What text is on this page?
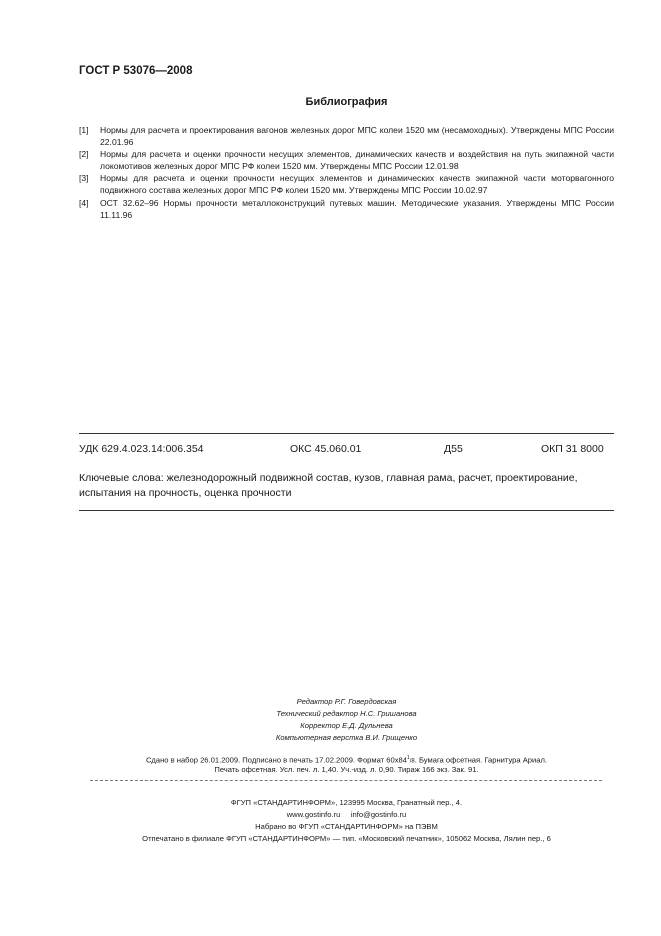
ГОСТ Р 53076—2008
Библиография
[1] Нормы для расчета и проектирования вагонов железных дорог МПС колеи 1520 мм (несамоходных). Утверждены МПС России 22.01.96
[2] Нормы для расчета и оценки прочности несущих элементов, динамических качеств и воздействия на путь экипажной части локомотивов железных дорог МПС РФ колеи 1520 мм. Утверждены МПС России 12.01.98
[3] Нормы для расчета и оценки прочности несущих элементов и динамических качеств экипажной части моторвагонного подвижного состава железных дорог МПС РФ колеи 1520 мм. Утверждены МПС России 10.02.97
[4] ОСТ 32.62–96 Нормы прочности металлоконструкций путевых машин. Методические указания. Утверждены МПС России 11.11.96
УДК 629.4.023.14:006.354	ОКС 45.060.01	Д55	ОКП 31 8000
Ключевые слова: железнодорожный подвижной состав, кузов, главная рама, расчет, проектирование, испытания на прочность, оценка прочности
Редактор Р.Г. Говердовская
Технический редактор Н.С. Гришанова
Корректор Е.Д. Дульнева
Компьютерная верстка В.И. Грищенко
Сдано в набор 26.01.2009. Подписано в печать 17.02.2009. Формат $60х84^1/8$. Бумага офсетная. Гарнитура Ариал.
Печать офсетная. Усл. печ. л. 1,40. Уч.-изд. л. 0,90. Тираж 166 экз. Зак. 91.
ФГУП «СТАНДАРТИНФОРМ», 123995 Москва, Гранатный пер., 4.
www.gostinfo.ru info@gostinfo.ru
Набрано во ФГУП «СТАНДАРТИНФОРМ» на ПЭВМ
Отпечатано в филиале ФГУП «СТАНДАРТИНФОРМ» — тип. «Московский печатник», 105062 Москва, Лялин пер., 6
